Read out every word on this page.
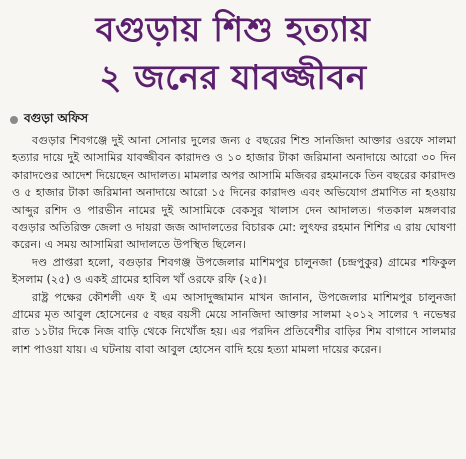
বগুড়ায় শিশু হত্যায়
২ জনের যাবজ্জীবন
বগুড়া অফিস

বগুড়ার শিবগঞ্জে দুই আনা সোনার দুলের জন্য ৫ বছরের শিশু সানজিদা আক্তার ওরফে সালমা হত্যার দায়ে দুই আসামির যাবজ্জীবন কারাদণ্ড ও ১০ হাজার টাকা জরিমানা অনাদায়ে আরো ৩০ দিন কারাদণ্ডের আদেশ দিয়েছেন আদালত। মামলার অপর আসামি মজিবর রহমানকে তিন বছরের কারাদণ্ড ও ৫ হাজার টাকা জরিমানা অনাদায়ে আরো ১৫ দিনের কারাদণ্ড এবং অভিযোগ প্রমাণিত না হওয়ায় আব্দুর রশিদ ও পারভীন নামের দুই আসামিকে বেকসুর খালাস দেন আদালত। গতকাল মঙ্গলবার বগুড়ার অতিরিক্ত জেলা ও দায়রা জজ আদালতের বিচারক মো: লুৎফর রহমান শিশির এ রায় ঘোষণা করেন। এ সময় আসামিরা আদালতে উপস্থিত ছিলেন।

দণ্ড প্রাপ্তরা হলো, বগুড়ার শিবগঞ্জ উপজেলার মাশিমপুর চালুনজা (চন্দ্রপুকুর) গ্রামের শফিকুল ইসলাম (২৫) ও একই গ্রামের হাবিল খাঁ ওরফে রফি (২৫)।

রাষ্ট্র পক্ষের কৌশলী এফ ই এম আসাদুজ্জামান মাখন জানান, উপজেলার মাশিমপুর চালুনজা গ্রামের মৃত আবুল হোসেনের ৫ বছর বয়সী মেয়ে সানজিদা আক্তার সালমা ২০১২ সালের ৭ নভেম্বর রাত ১১টার দিকে নিজ বাড়ি থেকে নিখোঁজ হয়। এর পরদিন প্রতিবেশীর বাড়ির শিম বাগানে সালমার লাশ পাওয়া যায়। এ ঘটনায় বাবা আবুল হোসেন বাদি হয়ে হত্যা মামলা দায়ের করেন।
